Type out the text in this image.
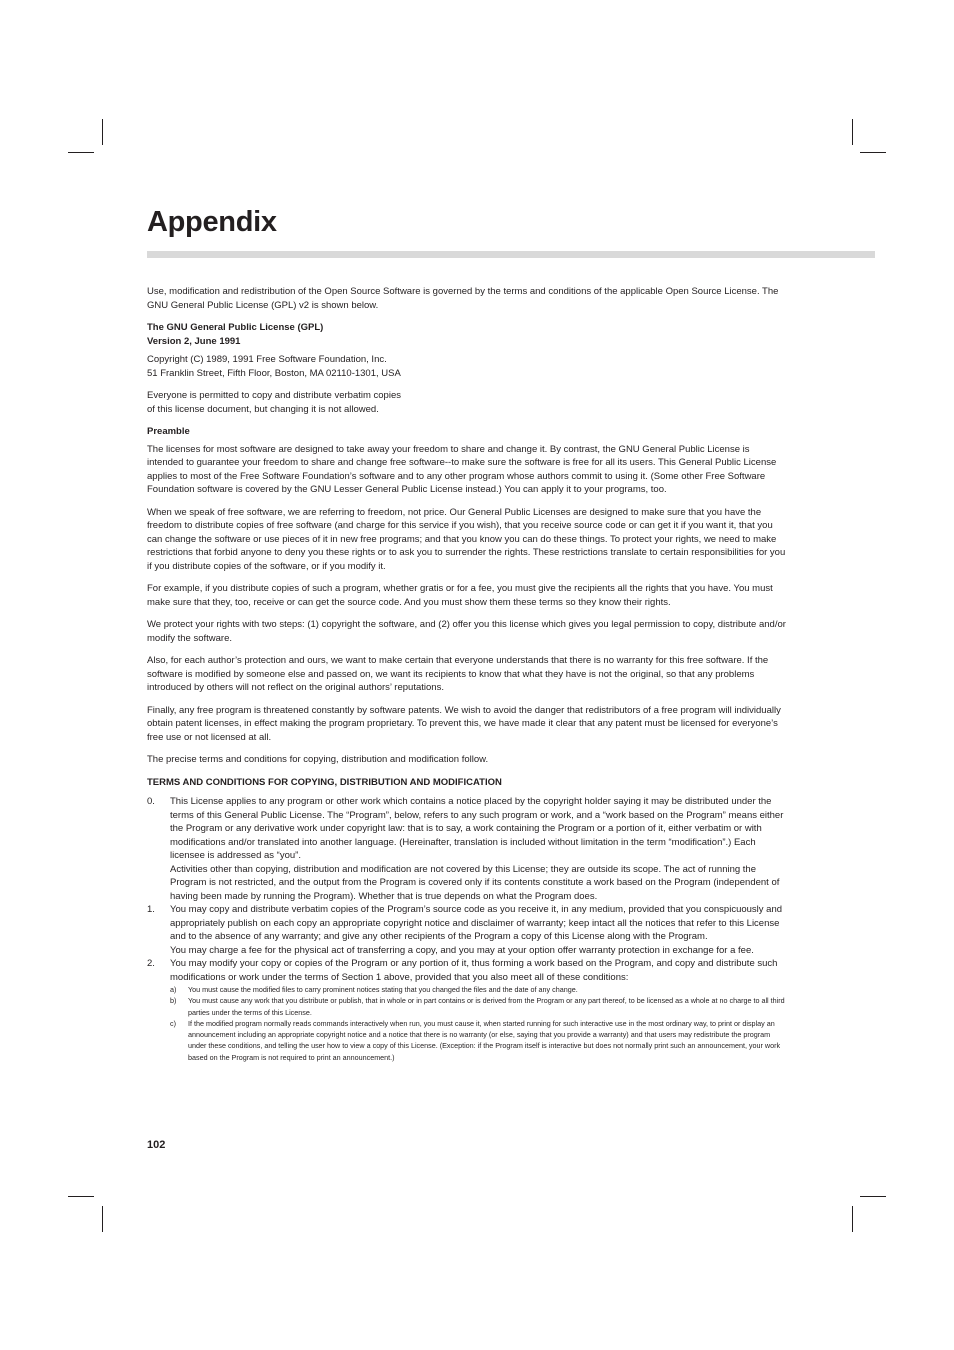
Appendix

Use, modification and redistribution of the Open Source Software is governed by the terms and conditions of the applicable Open Source License. The GNU General Public License (GPL) v2 is shown below.

The GNU General Public License (GPL)
Version 2, June 1991

Copyright (C) 1989, 1991 Free Software Foundation, Inc.
51 Franklin Street, Fifth Floor, Boston, MA 02110-1301, USA

Everyone is permitted to copy and distribute verbatim copies
of this license document, but changing it is not allowed.

Preamble

The licenses for most software are designed to take away your freedom to share and change it. By contrast, the GNU General Public License is intended to guarantee your freedom to share and change free software--to make sure the software is free for all its users. This General Public License applies to most of the Free Software Foundation’s software and to any other program whose authors commit to using it. (Some other Free Software Foundation software is covered by the GNU Lesser General Public License instead.) You can apply it to your programs, too.

When we speak of free software, we are referring to freedom, not price. Our General Public Licenses are designed to make sure that you have the freedom to distribute copies of free software (and charge for this service if you wish), that you receive source code or can get it if you want it, that you can change the software or use pieces of it in new free programs; and that you know you can do these things. To protect your rights, we need to make restrictions that forbid anyone to deny you these rights or to ask you to surrender the rights. These restrictions translate to certain responsibilities for you if you distribute copies of the software, or if you modify it.

For example, if you distribute copies of such a program, whether gratis or for a fee, you must give the recipients all the rights that you have. You must make sure that they, too, receive or can get the source code. And you must show them these terms so they know their rights.

We protect your rights with two steps: (1) copyright the software, and (2) offer you this license which gives you legal permission to copy, distribute and/or modify the software.

Also, for each author’s protection and ours, we want to make certain that everyone understands that there is no warranty for this free software. If the software is modified by someone else and passed on, we want its recipients to know that what they have is not the original, so that any problems introduced by others will not reflect on the original authors’ reputations.

Finally, any free program is threatened constantly by software patents. We wish to avoid the danger that redistributors of a free program will individually obtain patent licenses, in effect making the program proprietary. To prevent this, we have made it clear that any patent must be licensed for everyone’s free use or not licensed at all.

The precise terms and conditions for copying, distribution and modification follow.

TERMS AND CONDITIONS FOR COPYING, DISTRIBUTION AND MODIFICATION

0. This License applies to any program or other work which contains a notice placed by the copyright holder saying it may be distributed under the terms of this General Public License. The “Program”, below, refers to any such program or work, and a “work based on the Program” means either the Program or any derivative work under copyright law: that is to say, a work containing the Program or a portion of it, either verbatim or with modifications and/or translated into another language. (Hereinafter, translation is included without limitation in the term “modification”.) Each licensee is addressed as “you”.

Activities other than copying, distribution and modification are not covered by this License; they are outside its scope. The act of running the Program is not restricted, and the output from the Program is covered only if its contents constitute a work based on the Program (independent of having been made by running the Program). Whether that is true depends on what the Program does.

1. You may copy and distribute verbatim copies of the Program’s source code as you receive it, in any medium, provided that you conspicuously and appropriately publish on each copy an appropriate copyright notice and disclaimer of warranty; keep intact all the notices that refer to this License and to the absence of any warranty; and give any other recipients of the Program a copy of this License along with the Program.

You may charge a fee for the physical act of transferring a copy, and you may at your option offer warranty protection in exchange for a fee.

2. You may modify your copy or copies of the Program or any portion of it, thus forming a work based on the Program, and copy and distribute such modifications or work under the terms of Section 1 above, provided that you also meet all of these conditions:

a) You must cause the modified files to carry prominent notices stating that you changed the files and the date of any change.
b) You must cause any work that you distribute or publish, that in whole or in part contains or is derived from the Program or any part thereof, to be licensed as a whole at no charge to all third parties under the terms of this License.
c) If the modified program normally reads commands interactively when run, you must cause it, when started running for such interactive use in the most ordinary way, to print or display an announcement including an appropriate copyright notice and a notice that there is no warranty (or else, saying that you provide a warranty) and that users may redistribute the program under these conditions, and telling the user how to view a copy of this License. (Exception: if the Program itself is interactive but does not normally print such an announcement, your work based on the Program is not required to print an announcement.)
102
